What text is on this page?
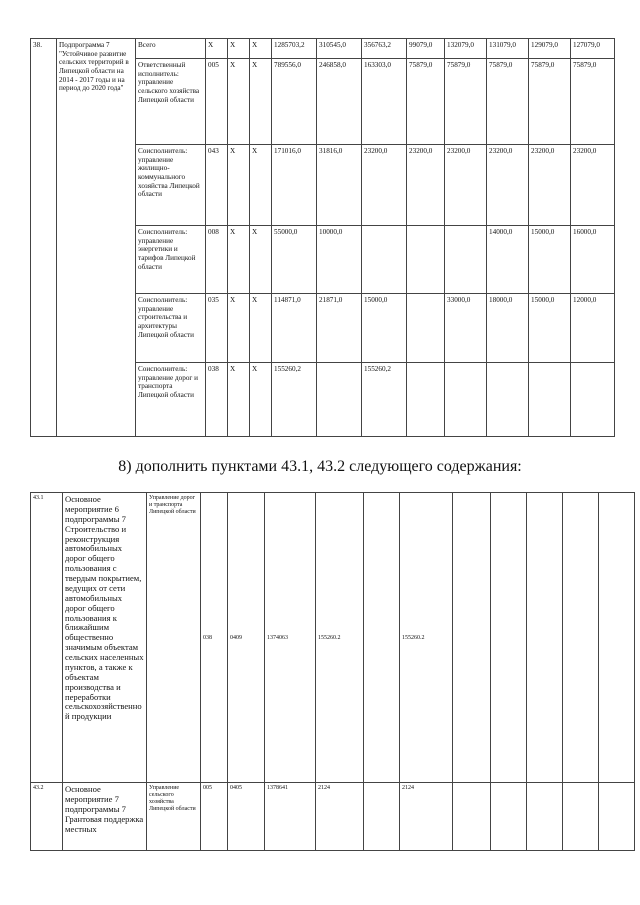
38.	Подпрограмма 7 "Устойчивое развитие сельских территорий в Липецкой области на 2014 - 2017 годы и на период до 2020 года"	Всего	X	X	X	1285703,2	310545,0	356763,2	99079,0	132079,0	131079,0	129079,0	127079,0
		Ответственный исполнитель: управление сельского хозяйства Липецкой области	005	X	X	789556,0	246858,0	163303,0	75879,0	75879,0	75879,0	75879,0	75879,0
		Соисполнитель: управление жилищно-коммунального хозяйства Липецкой области	043	X	X	171016,0	31816,0	23200,0	23200,0	23200,0	23200,0	23200,0	23200,0
		Соисполнитель: управление энергетики и тарифов Липецкой области	008	X	X	55000,0	10000,0				14000,0	15000,0	16000,0
		Соисполнитель: управление строительства и архитектуры Липецкой области	035	X	X	114871,0	21871,0	15000,0		33000,0	18000,0	15000,0	12000,0
		Соисполнитель: управление дорог и транспорта Липецкой области	038	X	X	155260,2		155260,2					
8) дополнить пунктами 43.1, 43.2 следующего содержания:
43.1	Основное мероприятие 6 подпрограммы 7 Строительство и реконструкция автомобильных дорог общего пользования с твердым покрытием, ведущих от сети автомобильных дорог общего пользования к ближайшим общественно значимым объектам сельских населенных пунктов, а также к объектам производства и переработки сельскохозяйственной продукции	Управление дорог и транспорта Липецкой области	038	0409	1374063	155260.2		155260.2					
43.2	Основное мероприятие 7 подпрограммы 7 Грантовая поддержка местных	Управление сельского хозяйства Липецкой области	005	0405	1378641	2124		2124					
